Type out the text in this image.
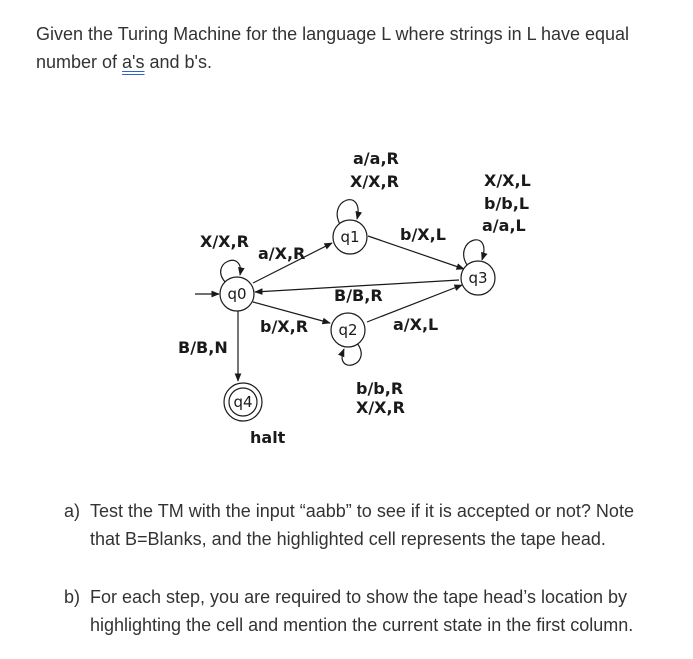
Given the Turing Machine for the language L where strings in L have equal
number of a's and b's.
q0
q1
q2
q3
q4
X/X,R
a/X,R
a/a,R
X/X,R
b/X,L
X/X,L
b/b,L
a/a,L
B/B,R
b/X,R	a/X,L
B/B,N
b/b,R
X/X,R
halt
a) Test the TM with the input “aabb” to see if it is accepted or not? Note that B=Blanks, and the highlighted cell represents the tape head.
b) For each step, you are required to show the tape head’s location by highlighting the cell and mention the current state in the first column.
